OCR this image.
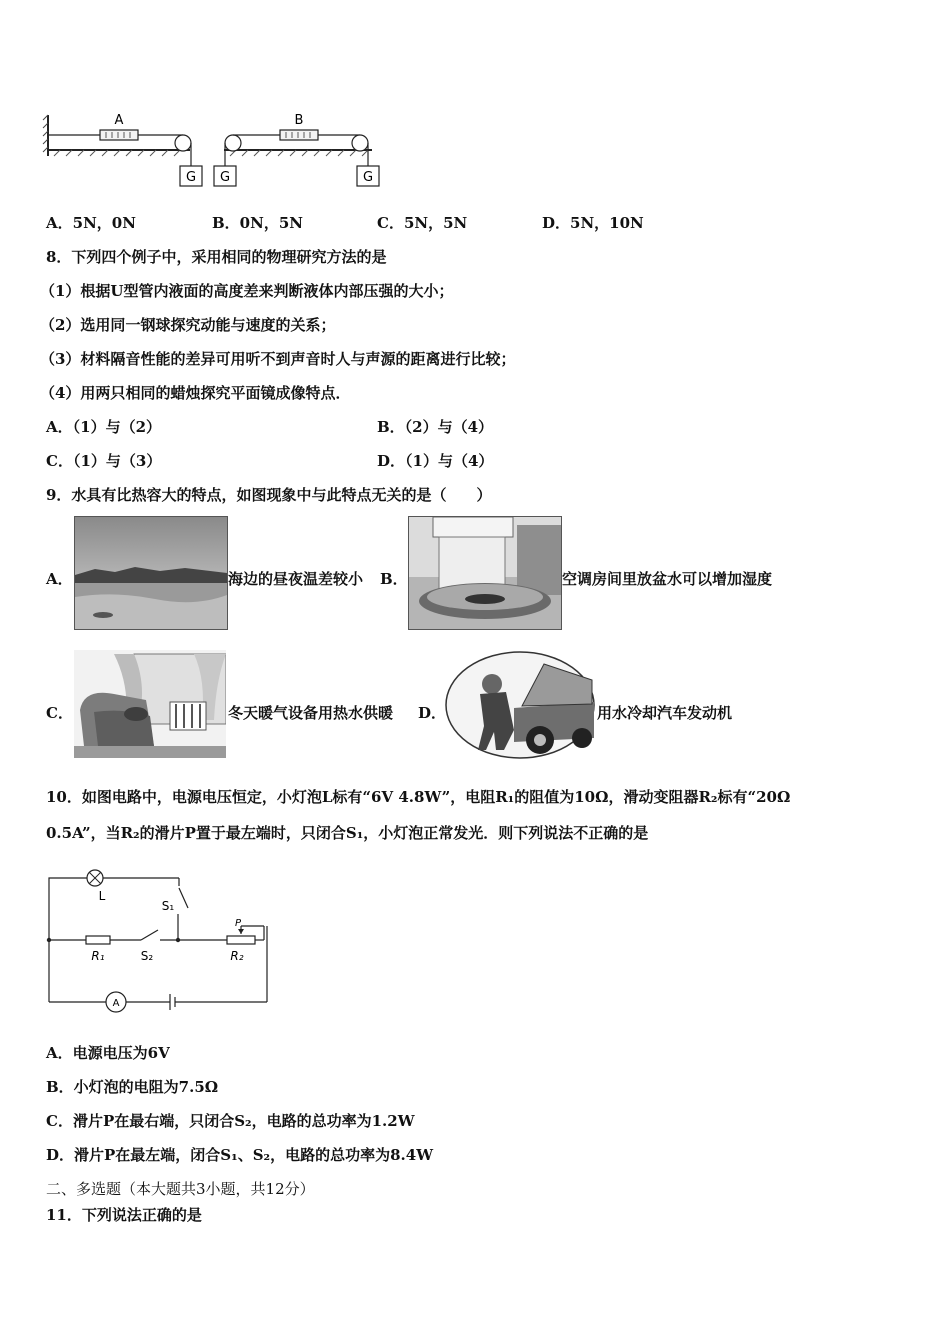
A
G G
B
G
A．5N，0N	B．0N，5N	C．5N，5N	D．5N，10N
8．下列四个例子中，采用相同的物理研究方法的是
（1）根据U型管内液面的高度差来判断液体内部压强的大小；
（2）选用同一钢球探究动能与速度的关系；
（3）材料隔音性能的差异可用听不到声音时人与声源的距离进行比较；
（4）用两只相同的蜡烛探究平面镜成像特点．
A．（1）与（2）	B．（2）与（4）
C．（1）与（3）	D．（1）与（4）
9．水具有比热容大的特点，如图现象中与此特点无关的是（　　）
A．	海边的昼夜温差较小 B．	空调房间里放盆水可以增加湿度
C．	冬天暖气设备用热水供暖 D．	用水冷却汽车发动机
10．如图电路中，电源电压恒定，小灯泡L标有“6V 4.8W”，电阻R₁的阻值为10Ω，滑动变阻器R₂标有“20Ω
0.5A”，当R₂的滑片P置于最左端时，只闭合S₁，小灯泡正常发光．则下列说法不正确的是
A
L
S₁
R₁	S₂	R₂
P
A．电源电压为6V
B．小灯泡的电阻为7.5Ω
C．滑片P在最右端，只闭合S₂，电路的总功率为1.2W
D．滑片P在最左端，闭合S₁、S₂，电路的总功率为8.4W
二、多选题（本大题共3小题，共12分）
11．下列说法正确的是
